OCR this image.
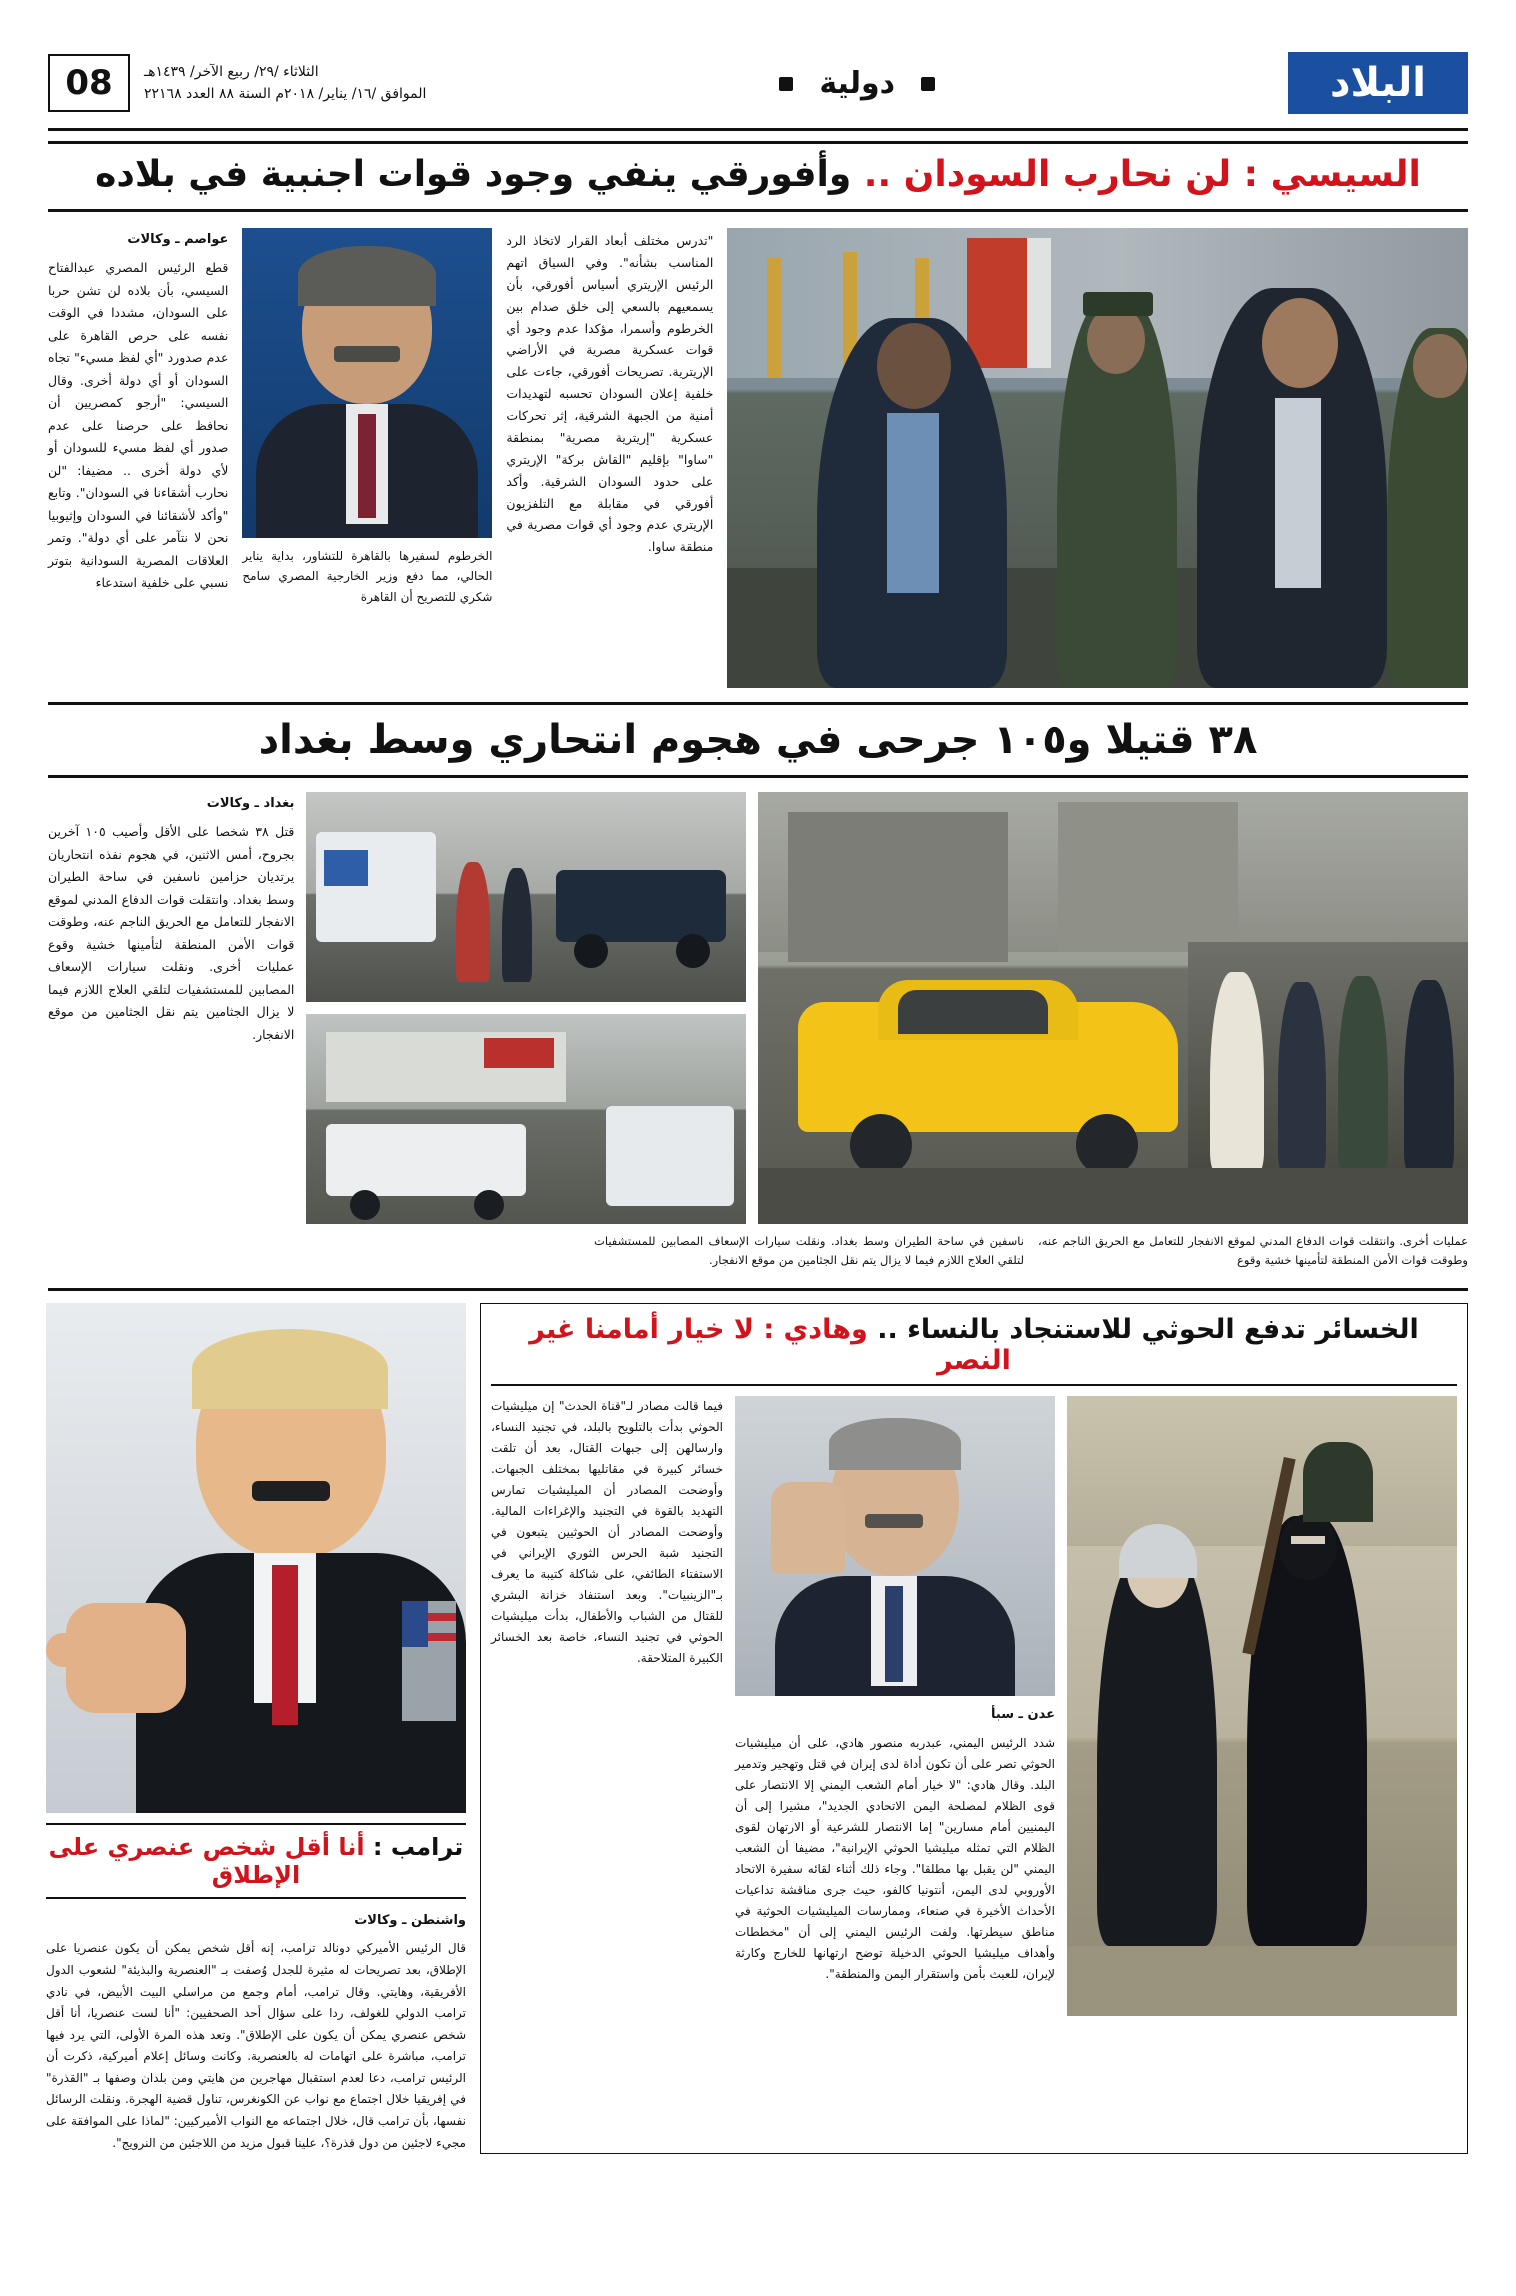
البلاد
دولية
الثلاثاء /٢٩/ ربيع الآخر/ ١٤٣٩هـ
الموافق /١٦/ يناير/ ٢٠١٨م السنة ٨٨ العدد ٢٢١٦٨
08
السيسي : لن نحارب السودان .. وأفورقي ينفي وجود قوات اجنبية في بلاده
"تدرس مختلف أبعاد القرار لاتخاذ الرد المناسب بشأنه". وفي السياق اتهم الرئيس الإريتري أسياس أفورقي، بأن يسمعيهم بالسعي إلى خلق صدام بين الخرطوم وأسمرا، مؤكدا عدم وجود أي قوات عسكرية مصرية في الأراضي الإريترية. تصريحات أفورقي، جاءت على خلفية إعلان السودان تحسبه لتهديدات أمنية من الجبهة الشرقية، إثر تحركات عسكرية "إريترية مصرية" بمنطقة "ساوا" بإقليم "القاش بركة" الإريتري على حدود السودان الشرقية. وأكد أفورقي في مقابلة مع التلفزيون الإريتري عدم وجود أي قوات مصرية في منطقة ساوا.
الخرطوم لسفيرها بالقاهرة للتشاور، بداية يناير الحالي، مما دفع وزير الخارجية المصري سامح شكري للتصريح أن القاهرة
عواصم ـ وكالات
قطع الرئيس المصري عبدالفتاح السيسي، بأن بلاده لن تشن حربا على السودان، مشددا في الوقت نفسه على حرص القاهرة على عدم صدورد "أي لفظ مسيء" تجاه السودان أو أي دولة أخرى. وقال السيسي: "أرجو كمصريين أن نحافظ على حرصنا على عدم صدور أي لفظ مسيء للسودان أو لأي دولة أخرى .. مضيفا: "لن نحارب أشقاءنا في السودان". وتابع "وأكد لأشقائنا في السودان وإثيوبيا نحن لا نتآمر على أي دولة". وتمر العلاقات المصرية السودانية بتوتر نسبي على خلفية استدعاء
٣٨ قتيلا و١٠٥ جرحى في هجوم انتحاري وسط بغداد
بغداد ـ وكالات
قتل ٣٨ شخصا على الأقل وأصيب ١٠٥ آخرين بجروح، أمس الاثنين، في هجوم نفذه انتحاريان يرتديان حزامين ناسفين في ساحة الطيران وسط بغداد. وانتقلت قوات الدفاع المدني لموقع الانفجار للتعامل مع الحريق الناجم عنه، وطوقت قوات الأمن المنطقة لتأمينها خشية وقوع عمليات أخرى. ونقلت سيارات الإسعاف المصابين للمستشفيات لتلقي العلاج اللازم فيما لا يزال الجثامين يتم نقل الجثامين من موقع الانفجار.
عمليات أخرى. وانتقلت قوات الدفاع المدني لموقع الانفجار للتعامل مع الحريق الناجم عنه، وطوقت قوات الأمن المنطقة لتأمينها خشية وقوع
ناسفين في ساحة الطيران وسط بغداد. ونقلت سيارات الإسعاف المصابين للمستشفيات لتلقي العلاج اللازم فيما لا يزال يتم نقل الجثامين من موقع الانفجار.
الخسائر تدفع الحوثي للاستنجاد بالنساء .. وهادي : لا خيار أمامنا غير النصر
عدن ـ سبأ
شدد الرئيس اليمني، عبدربه منصور هادي، على أن ميليشيات الحوثي تصر على أن تكون أداة لدى إيران في قتل وتهجير وتدمير البلد. وقال هادي: "لا خيار أمام الشعب اليمني إلا الانتصار على قوى الظلام لمصلحة اليمن الاتحادي الجديد"، مشيرا إلى أن اليمنيين أمام مسارين" إما الانتصار للشرعية أو الارتهان لقوى الظلام التي تمثله ميليشيا الحوثي الإيرانية"، مضيفا أن الشعب اليمني "لن يقبل بها مطلقا". وجاء ذلك أثناء لقائه سفيرة الاتحاد الأوروبي لدى اليمن، أنتونيا كالفو، حيث جرى مناقشة تداعيات الأحداث الأخيرة في صنعاء، وممارسات الميليشيات الحوثية في مناطق سيطرتها. ولفت الرئيس اليمني إلى أن "مخططات وأهداف ميليشيا الحوثي الدخيلة توضح ارتهانها للخارج وكارثة لإيران، للعبث بأمن واستقرار اليمن والمنطقة".
فيما قالت مصادر لـ"قناة الحدث" إن ميليشيات الحوثي بدأت بالتلويح بالبلد، في تجنيد النساء، وارسالهن إلى جبهات القتال، بعد أن تلقت خسائر كبيرة في مقاتليها بمختلف الجبهات. وأوضحت المصادر أن الميليشيات تمارس التهديد بالقوة في التجنيد والإغراءات المالية. وأوضحت المصادر أن الحوثيين يتبعون في التجنيد شبة الحرس الثوري الإيراني في الاستفتاء الطائفي، على شاكلة كتيبة ما يعرف بـ"الزينبيات". وبعد استنفاد خزانة البشري للقتال من الشباب والأطفال، بدأت ميليشيات الحوثي في تجنيد النساء، خاصة بعد الخسائر الكبيرة المتلاحقة.
ترامب : أنا أقل شخص عنصري على الإطلاق
واشنطن ـ وكالات
قال الرئيس الأميركي دونالد ترامب، إنه أقل شخص يمكن أن يكون عنصريا على الإطلاق، بعد تصريحات له مثيرة للجدل وُصفت بـ "العنصرية والبذيئة" لشعوب الدول الأفريقية، وهايتي. وقال ترامب، أمام وجمع من مراسلي البيت الأبيض، في نادي ترامب الدولي للغولف، ردا على سؤال أحد الصحفيين: "أنا لست عنصريا، أنا أقل شخص عنصري يمكن أن يكون على الإطلاق". وتعد هذه المرة الأولى، التي يرد فيها ترامب، مباشرة على اتهامات له بالعنصرية. وكانت وسائل إعلام أميركية، ذكرت أن الرئيس ترامب، دعا لعدم استقبال مهاجرين من هايتي ومن بلدان وصفها بـ "القذرة" في إفريقيا خلال اجتماع مع نواب عن الكونغرس، تناول قضية الهجرة. ونقلت الرسائل نفسها، بأن ترامب قال، خلال اجتماعه مع النواب الأميركيين: "لماذا على الموافقة على مجيء لاجئين من دول قذرة؟، علينا قبول مزيد من اللاجئين من النرويج".
